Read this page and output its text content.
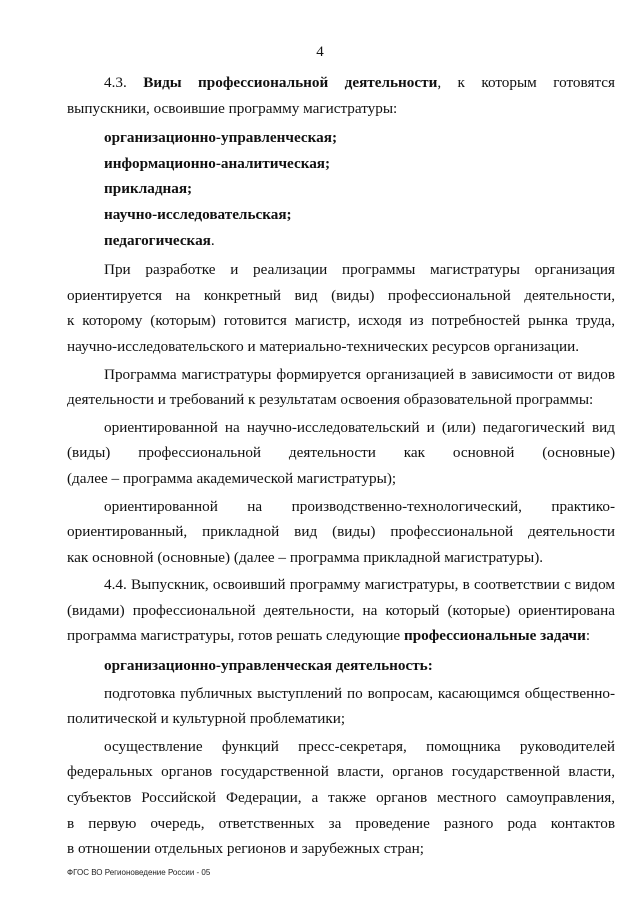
4

4.3. Виды профессиональной деятельности, к которым готовятся

выпускники, освоившие программу магистратуры:

организационно-управленческая;

информационно-аналитическая;

прикладная;

научно-исследовательская;

педагогическая.

При разработке и реализации программы магистратуры организация

ориентируется на конкретный вид (виды) профессиональной деятельности,

к которому (которым) готовится магистр, исходя из потребностей рынка труда,

научно-исследовательского и материально-технических ресурсов организации.

Программа магистратуры формируется организацией в зависимости от видов

деятельности и требований к результатам освоения образовательной программы:

ориентированной на научно-исследовательский и (или) педагогический вид

(виды) профессиональной деятельности как основной (основные)

(далее – программа академической магистратуры);

ориентированной на производственно-технологический, практико-

ориентированный, прикладной вид (виды) профессиональной деятельности

как основной (основные) (далее – программа прикладной магистратуры).

4.4. Выпускник, освоивший программу магистратуры, в соответствии с видом

(видами) профессиональной деятельности, на который (которые) ориентирована

программа магистратуры, готов решать следующие профессиональные задачи:

организационно-управленческая деятельность:

подготовка публичных выступлений по вопросам, касающимся общественно-

политической и культурной проблематики;

осуществление функций пресс-секретаря, помощника руководителей

федеральных органов государственной власти, органов государственной власти,

субъектов Российской Федерации, а также органов местного самоуправления,

в первую очередь, ответственных за проведение разного рода контактов

в отношении отдельных регионов и зарубежных стран;

ФГОС ВО Регионоведение России - 05
